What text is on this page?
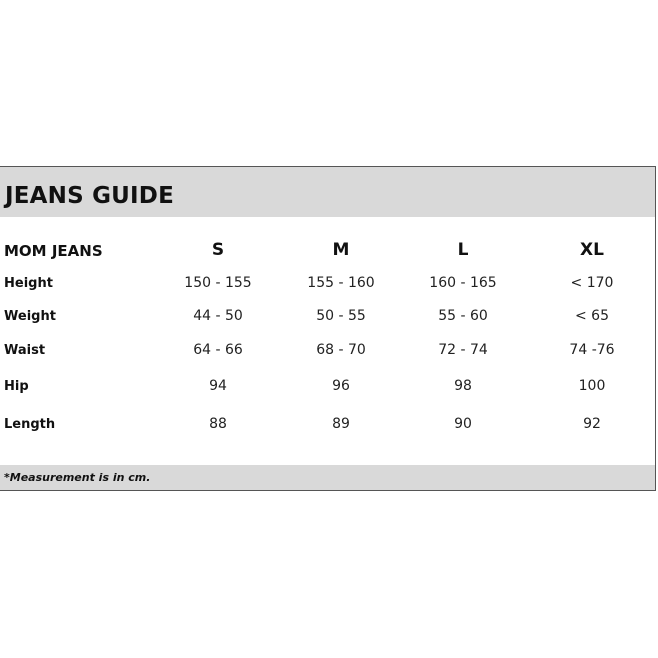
JEANS GUIDE
MOM JEANS	S	M	L	XL
Height	150 - 155	155 - 160	160 - 165	< 170
Weight	44 - 50	50 - 55	55 - 60	< 65
Waist	64 - 66	68 - 70	72 - 74	74 -76
Hip	94	96	98	100
Length	88	89	90	92
*Measurement is in cm.
